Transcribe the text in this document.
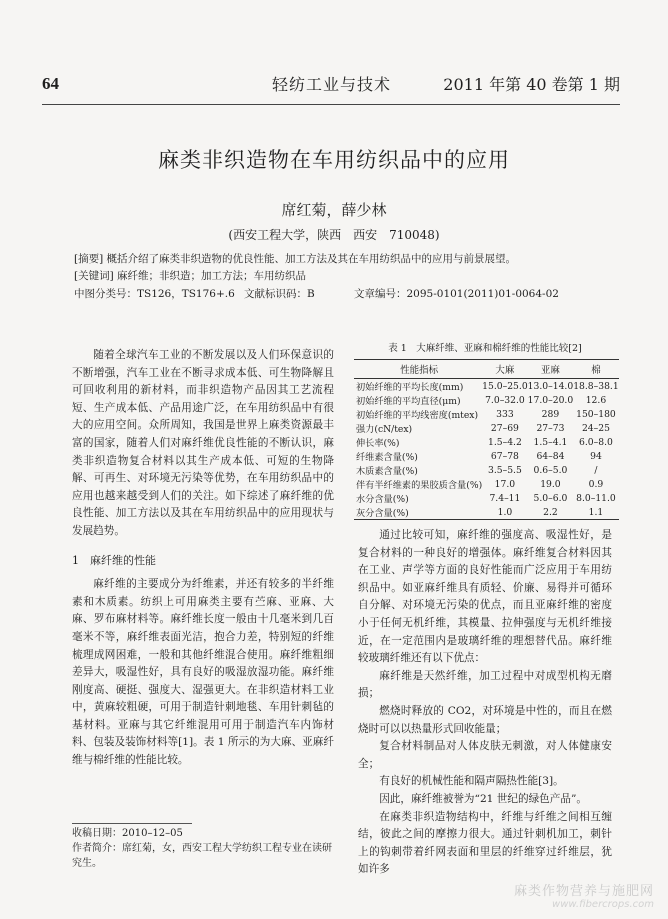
64	轻纺工业与技术	2011 年第 40 卷第 1 期
麻类非织造物在车用纺织品中的应用
席红菊，薛少林
(西安工程大学，陕西　西安　710048)
[摘要] 概括介绍了麻类非织造物的优良性能、加工方法及其在车用纺织品中的应用与前景展望。
[关键词] 麻纤维；非织造；加工方法；车用纺织品
中图分类号：TS126，TS176+.6 文献标识码：B	文章编号：2095-0101(2011)01-0064-02

随着全球汽车工业的不断发展以及人们环保意识的不断增强，汽车工业在不断寻求成本低、可生物降解且可回收利用的新材料，而非织造物产品因其工艺流程短、生产成本低、产品用途广泛，在车用纺织品中有很大的应用空间。众所周知，我国是世界上麻类资源最丰富的国家，随着人们对麻纤维优良性能的不断认识，麻类非织造物复合材料以其生产成本低、可短的生物降解、可再生、对环境无污染等优势，在车用纺织品中的应用也越来越受到人们的关注。如下综述了麻纤维的优良性能、加工方法以及其在车用纺织品中的应用现状与发展趋势。

1　麻纤维的性能

麻纤维的主要成分为纤维素，并还有较多的半纤维素和木质素。纺织上可用麻类主要有苎麻、亚麻、大麻、罗布麻材料等。麻纤维长度一般由十几毫米到几百毫米不等，麻纤维表面光洁，抱合力差，特别短的纤维梳理成网困难，一般和其他纤维混合使用。麻纤维粗细差异大，吸湿性好，具有良好的吸湿放湿功能。麻纤维刚度高、硬挺、强度大、湿强更大。在非织造材料工业中，黄麻较粗硬，可用于制造针刺地毯、车用针刺毡的基材料。亚麻与其它纤维混用可用于制造汽车内饰材料、包装及装饰材料等[1]。表 1 所示的为大麻、亚麻纤维与棉纤维的性能比较。

表 1　大麻纤维、亚麻和棉纤维的性能比较[2]
性能指标	大麻	亚麻	棉
初始纤维的平均长度(mm)	15.0–25.0	13.0–14.0	18.8–38.1
初始纤维的平均直径(μm)	7.0–32.0	17.0–20.0	12.6
初始纤维的平均线密度(mtex)	333	289	150–180
强力(cN/tex)	27–69	27–73	24–25
伸长率(%)	1.5–4.2	1.5–4.1	6.0–8.0
纤维素含量(%)	67–78	64–84	94
木质素含量(%)	3.5–5.5	0.6–5.0	/
伴有半纤维素的果胶质含量(%)	17.0	19.0	0.9
水分含量(%)	7.4–11	5.0–6.0	8.0–11.0
灰分含量(%)	1.0	2.2	1.1

通过比较可知，麻纤维的强度高、吸湿性好，是复合材料的一种良好的增强体。麻纤维复合材料因其在工业、声学等方面的良好性能而广泛应用于车用纺织品中。如亚麻纤维具有质轻、价廉、易得并可循环自分解、对环境无污染的优点，而且亚麻纤维的密度小于任何无机纤维，其模量、拉伸强度与无机纤维接近，在一定范围内是玻璃纤维的理想替代品。麻纤维较玻璃纤维还有以下优点：

麻纤维是天然纤维，加工过程中对成型机构无磨损；

燃烧时释放的 CO2，对环境是中性的，而且在燃烧时可以以热量形式回收能量；

复合材料制品对人体皮肤无刺激，对人体健康安全；

有良好的机械性能和隔声隔热性能[3]。

因此，麻纤维被誉为“21 世纪的绿色产品”。

在麻类非织造物结构中，纤维与纤维之间相互缠结，彼此之间的摩擦力很大。通过针刺机加工，刺针上的钩刺带着纤网表面和里层的纤维穿过纤维层，犹如许多

收稿日期：2010–12–05
作者简介：席红菊，女，西安工程大学纺织工程专业在读研究生。
麻类作物营养与施肥网
www.fibercrops.com
